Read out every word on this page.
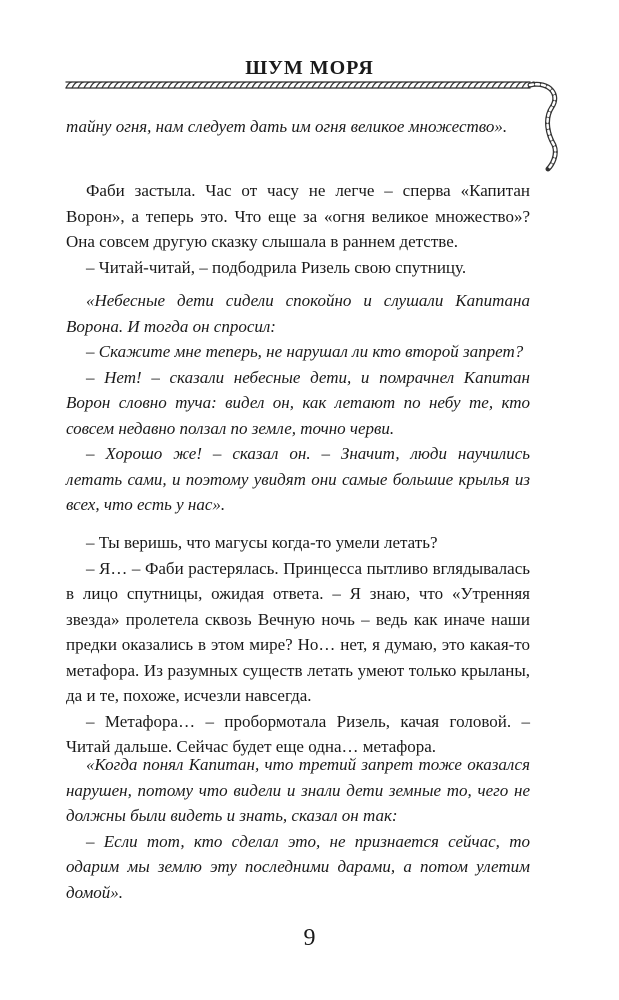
ШУМ МОРЯ

тайну огня, нам следует дать им огня великое множество».

Фаби застыла. Час от часу не легче – сперва «Капитан Ворон», а теперь это. Что еще за «огня великое множество»? Она совсем другую сказку слышала в раннем детстве.

– Читай-читай, – подбодрила Ризель свою спутницу.

«Небесные дети сидели спокойно и слушали Капитана Ворона. И тогда он спросил:

– Скажите мне теперь, не нарушал ли кто второй запрет?

– Нет! – сказали небесные дети, и помрачнел Капитан Ворон словно туча: видел он, как летают по небу те, кто совсем недавно ползал по земле, точно черви.

– Хорошо же! – сказал он. – Значит, люди научились летать сами, и поэтому увидят они самые большие крылья из всех, что есть у нас».

– Ты веришь, что магусы когда-то умели летать?

– Я… – Фаби растерялась. Принцесса пытливо вглядывалась в лицо спутницы, ожидая ответа. – Я знаю, что «Утренняя звезда» пролетела сквозь Вечную ночь – ведь как иначе наши предки оказались в этом мире? Но… нет, я думаю, это какая-то метафора. Из разумных существ летать умеют только крыланы, да и те, похоже, исчезли навсегда.

– Метафора… – пробормотала Ризель, качая головой. – Читай дальше. Сейчас будет еще одна… метафора.

«Когда понял Капитан, что третий запрет тоже оказался нарушен, потому что видели и знали дети земные то, чего не должны были видеть и знать, сказал он так:

– Если тот, кто сделал это, не признается сейчас, то одарим мы землю эту последними дарами, а потом улетим домой».

9
